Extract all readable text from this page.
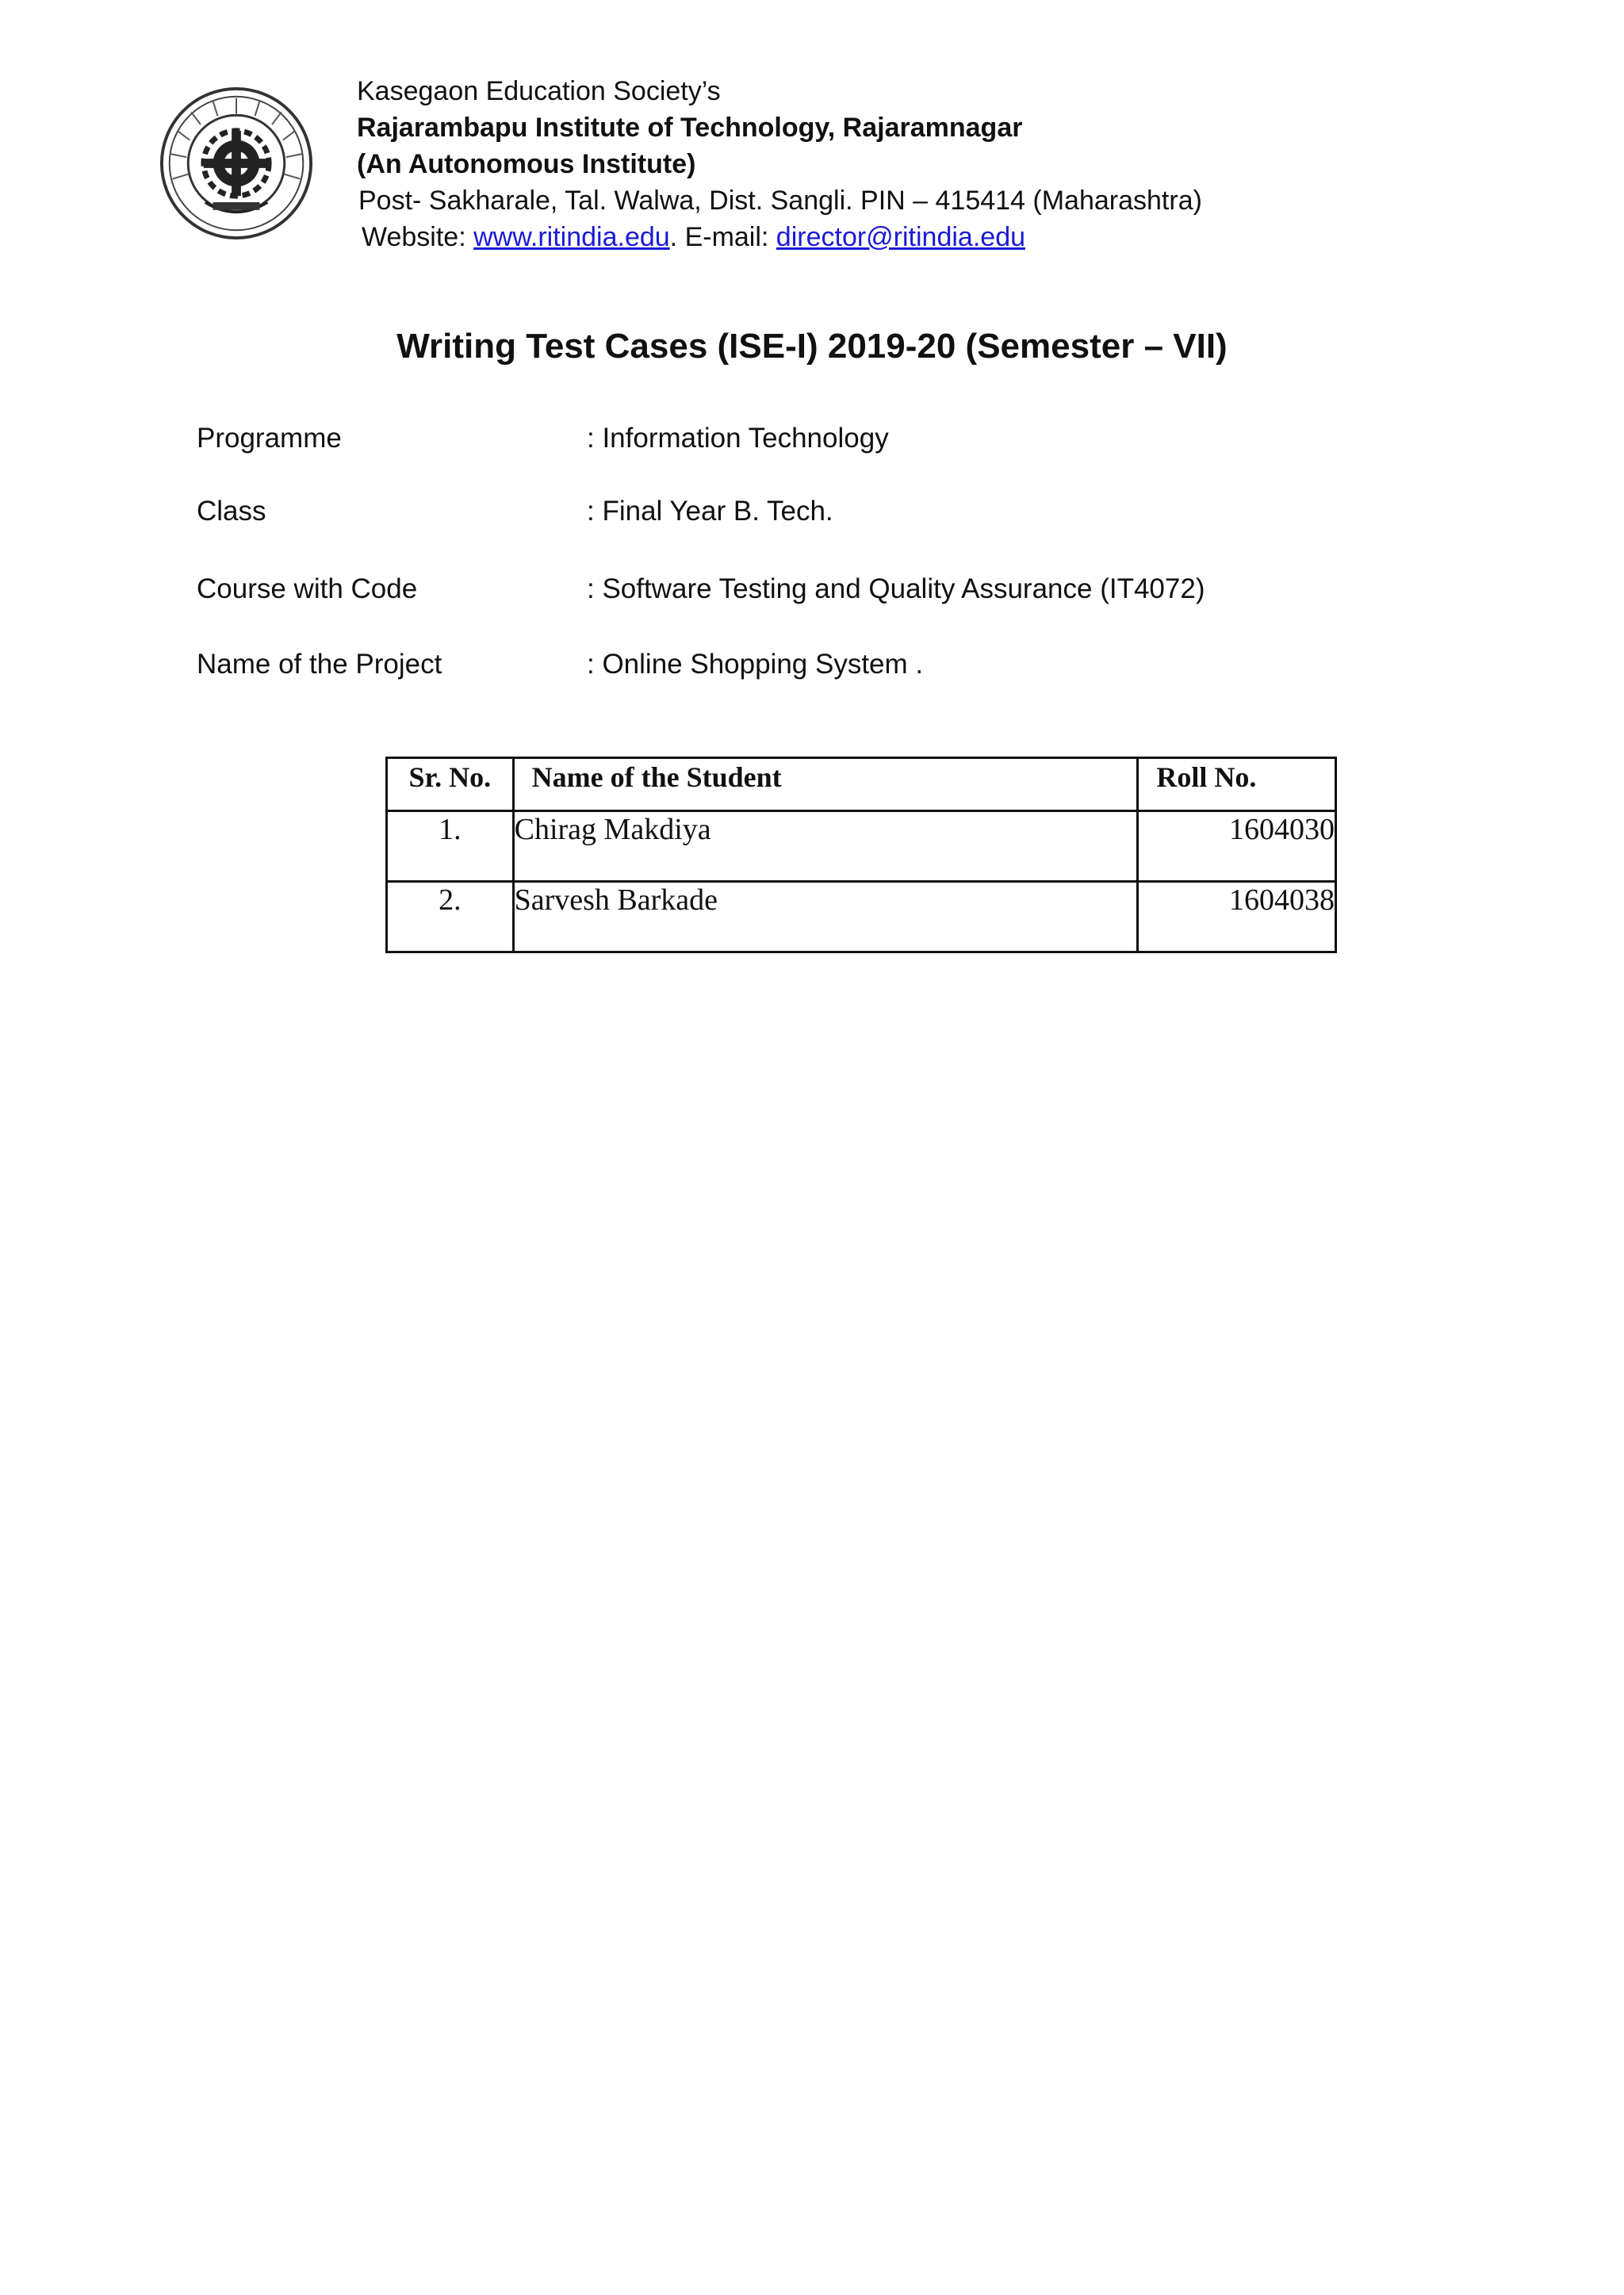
Kasegaon Education Society’s
Rajarambapu Institute of Technology, Rajaramnagar
(An Autonomous Institute)
Post- Sakharale, Tal. Walwa, Dist. Sangli. PIN – 415414 (Maharashtra)
Website: www.ritindia.edu. E-mail: director@ritindia.edu
Writing Test Cases (ISE-I) 2019-20 (Semester – VII)
Programme	: Information Technology
Class	: Final Year B. Tech.
Course with Code	: Software Testing and Quality Assurance (IT4072)
Name of the Project	: Online Shopping System .
Sr. No.	Name of the Student	Roll No.
1.	Chirag Makdiya	1604030
2.	Sarvesh Barkade	1604038
